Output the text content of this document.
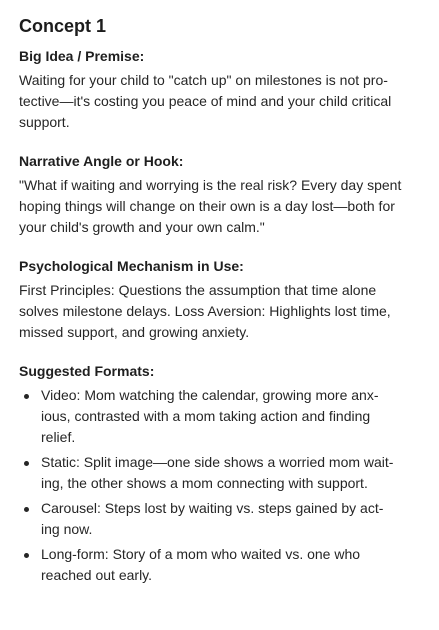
Concept 1
Big Idea / Premise:

Waiting for your child to "catch up" on milestones is not pro-
tective—it's costing you peace of mind and your child critical
support.

Narrative Angle or Hook:

"What if waiting and worrying is the real risk? Every day spent
hoping things will change on their own is a day lost—both for
your child's growth and your own calm."

Psychological Mechanism in Use:

First Principles: Questions the assumption that time alone
solves milestone delays. Loss Aversion: Highlights lost time,
missed support, and growing anxiety.

Suggested Formats:
Video: Mom watching the calendar, growing more anx-
ious, contrasted with a mom taking action and finding
relief.
Static: Split image—one side shows a worried mom wait-
ing, the other shows a mom connecting with support.
Carousel: Steps lost by waiting vs. steps gained by act-
ing now.
Long-form: Story of a mom who waited vs. one who
reached out early.
